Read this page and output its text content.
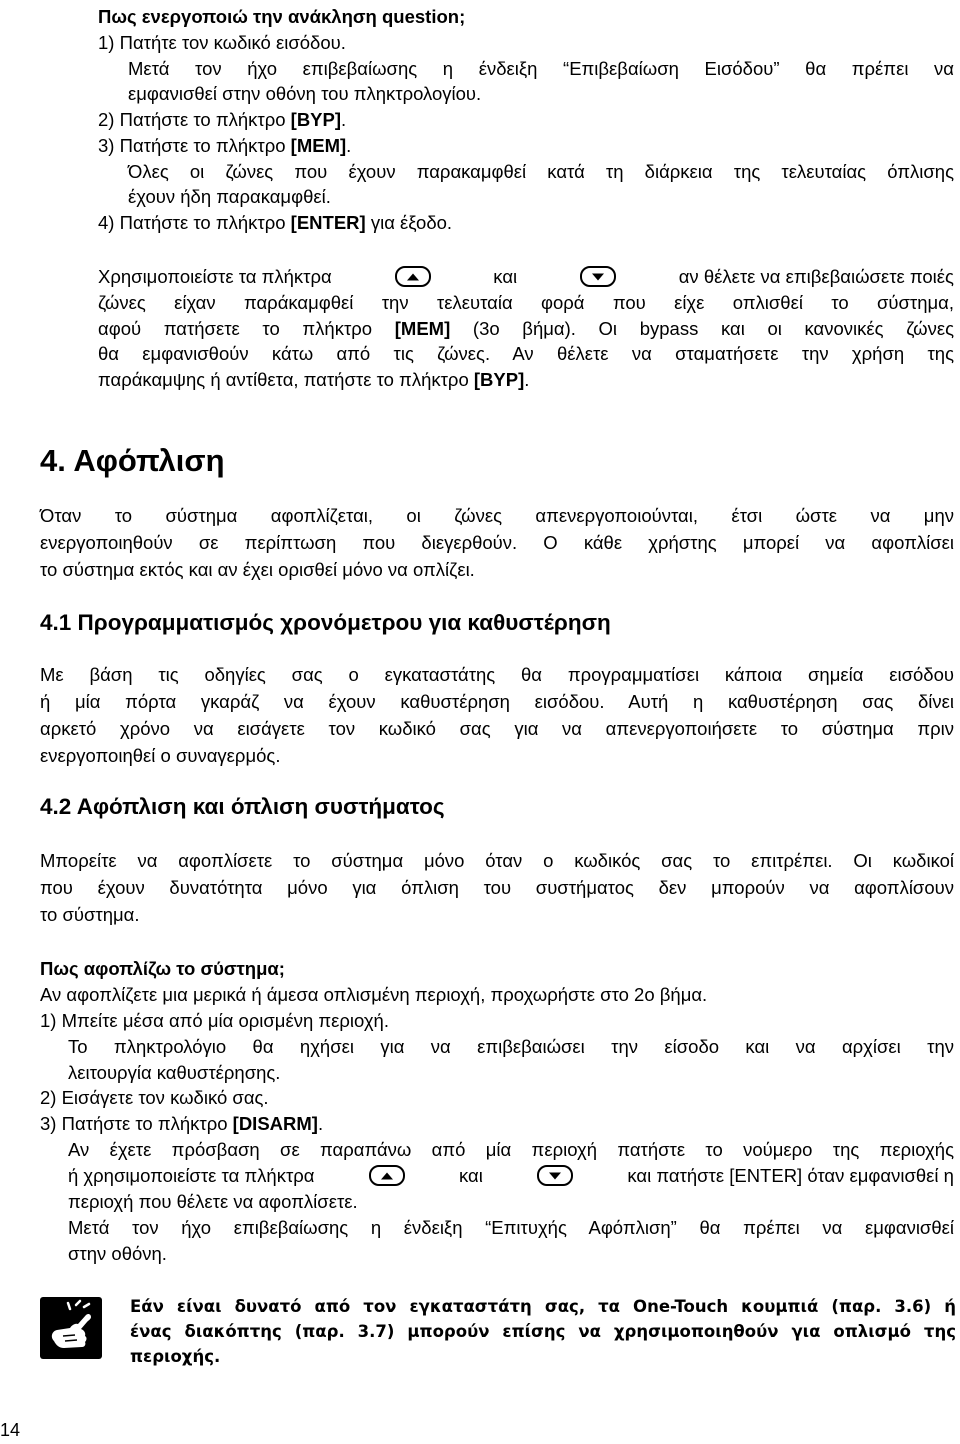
Πως ενεργοποιώ την ανάκληση question;
1) Πατήτε τον κωδικό εισόδου.
Μετά τον ήχο επιβεβαίωσης η ένδειξη “Επιβεβαίωση Εισόδου” θα πρέπει να
εμφανισθεί στην οθόνη του πληκτρολογίου.
2) Πατήστε το πλήκτρο [BYP].
3) Πατήστε το πλήκτρο [MEM].
Όλες οι ζώνες που έχουν παρακαμφθεί κατά τη διάρκεια της τελευταίας όπλισης
έχουν ήδη παρακαμφθεί.
4) Πατήστε το πλήκτρο [ENTER] για έξοδο.
Χρησιμοποιείστε τα πλήκτρα	και	αν θέλετε να επιβεβαιώσετε ποιές
ζώνες είχαν παράκαμφθεί την τελευταία φορά που είχε οπλισθεί το σύστημα,
αφού πατήσετε το πλήκτρο [MEM] (3ο βήμα). Οι bypass και οι κανονικές ζώνες
θα εμφανισθούν κάτω από τις ζώνες. Αν θέλετε να σταματήσετε την χρήση της
παράκαμψης ή αντίθετα, πατήστε το πλήκτρο [BYP].
4. Αφόπλιση
Όταν το σύστημα αφοπλίζεται, οι ζώνες απενεργοποιούνται, έτσι ώστε να μην
ενεργοποιηθούν σε περίπτωση που διεγερθούν. Ο κάθε χρήστης μπορεί να αφοπλίσει
το σύστημα εκτός και αν έχει ορισθεί μόνο να οπλίζει.
4.1 Προγραμματισμός χρονόμετρου για καθυστέρηση
Με βάση τις οδηγίες σας ο εγκαταστάτης θα προγραμματίσει κάποια σημεία εισόδου
ή μία πόρτα γκαράζ να έχουν καθυστέρηση εισόδου. Αυτή η καθυστέρηση σας δίνει
αρκετό χρόνο να εισάγετε τον κωδικό σας για να απενεργοποιήσετε το σύστημα πριν
ενεργοποιηθεί ο συναγερμός.
4.2 Αφόπλιση και όπλιση συστήματος
Μπορείτε να αφοπλίσετε το σύστημα μόνο όταν ο κωδικός σας το επιτρέπει. Οι κωδικοί
που έχουν δυνατότητα μόνο για όπλιση του συστήματος δεν μπορούν να αφοπλίσουν
το σύστημα.
Πως αφοπλίζω το σύστημα;
Αν αφοπλίζετε μια μερικά ή άμεσα οπλισμένη περιοχή, προχωρήστε στο 2ο βήμα.
1) Μπείτε μέσα από μία ορισμένη περιοχή.
Το πληκτρολόγιο θα ηχήσει για να επιβεβαιώσει την είσοδο και να αρχίσει την
λειτουργία καθυστέρησης.
2) Εισάγετε τον κωδικό σας.
3) Πατήστε το πλήκτρο [DISARM].
Αν έχετε πρόσβαση σε παραπάνω από μία περιοχή πατήστε το νούμερο της περιοχής
ή χρησιμοποιείστε τα πλήκτρα	και	και πατήστε [ENTER] όταν εμφανισθεί η
περιοχή που θέλετε να αφοπλίσετε.
Μετά τον ήχο επιβεβαίωσης η ένδειξη “Επιτυχής Αφόπλιση” θα πρέπει να εμφανισθεί
στην οθόνη.
Εάν είναι δυνατό από τον εγκαταστάτη σας, τα One-Touch κουμπιά (παρ. 3.6) ή
ένας διακόπτης (παρ. 3.7) μπορούν επίσης να χρησιμοποιηθούν για οπλισμό της
περιοχής.
14
